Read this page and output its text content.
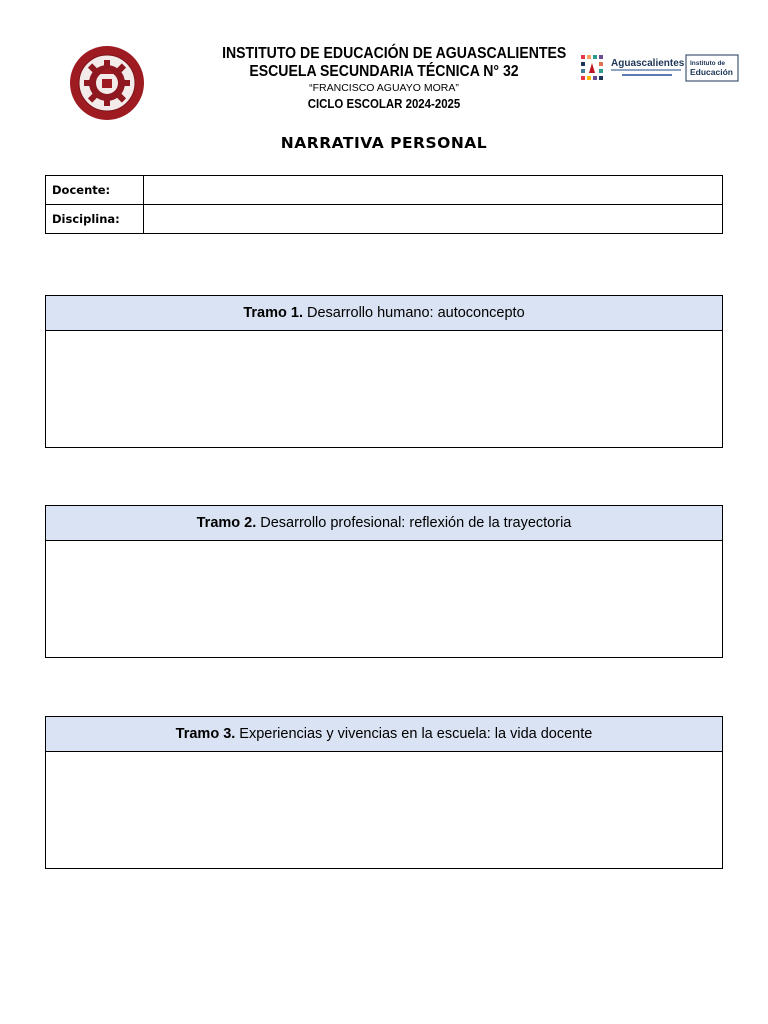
INSTITUTO DE EDUCACIÓN DE AGUASCALIENTES
ESCUELA SECUNDARIA TÉCNICA N° 32
“FRANCISCO AGUAYO MORA”
CICLO ESCOLAR 2024-2025
Aguascalientes Instituto de
Educación
NARRATIVA PERSONAL
Docente:	
Disciplina:	
Tramo 1. Desarrollo humano: autoconcepto
Tramo 2. Desarrollo profesional: reflexión de la trayectoria
Tramo 3. Experiencias y vivencias en la escuela: la vida docente
